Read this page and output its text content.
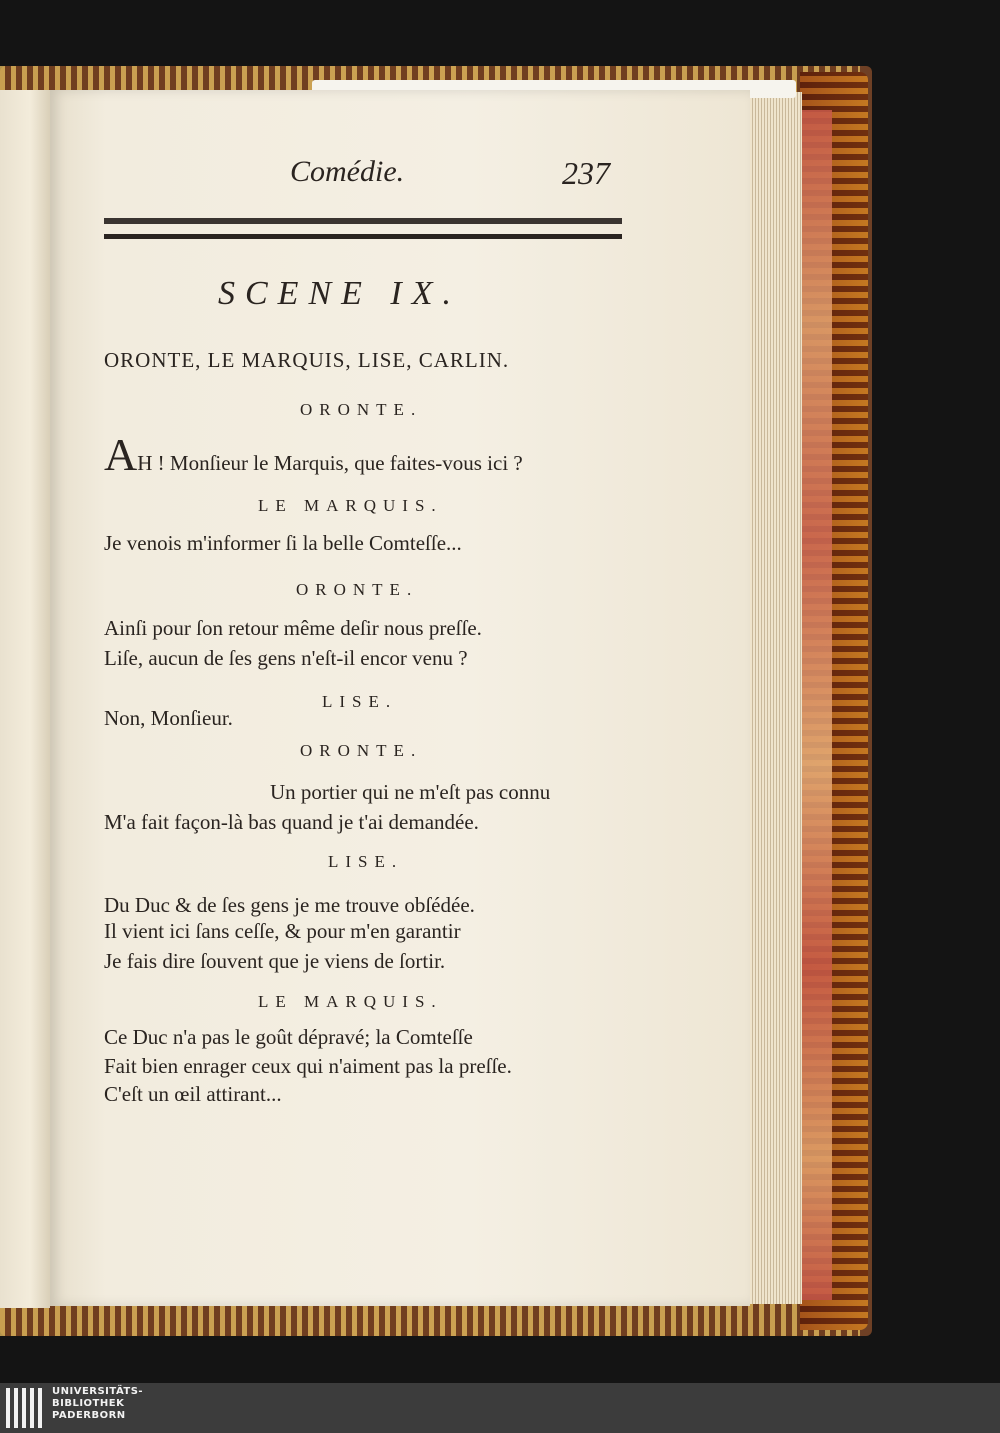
Comédie.	237
SCENE IX.
ORONTE, LE MARQUIS, LISE, CARLIN.
ORONTE.
AH ! Monſieur le Marquis, que faites-vous ici ?
LE MARQUIS.
Je venois m'informer ſi la belle Comteſſe...
ORONTE.
Ainſi pour ſon retour même deſir nous preſſe.
Liſe, aucun de ſes gens n'eſt-il encor venu ?
LISE.
Non, Monſieur.
ORONTE.
Un portier qui ne m'eſt pas connu
M'a fait façon-là bas quand je t'ai demandée.
LISE.
Du Duc & de ſes gens je me trouve obſédée.
Il vient ici ſans ceſſe, & pour m'en garantir
Je fais dire ſouvent que je viens de ſortir.
LE MARQUIS.
Ce Duc n'a pas le goût dépravé; la Comteſſe
Fait bien enrager ceux qui n'aiment pas la preſſe.
C'eſt un œil attirant...
UNIVERSITÄTS-
BIBLIOTHEK
PADERBORN
